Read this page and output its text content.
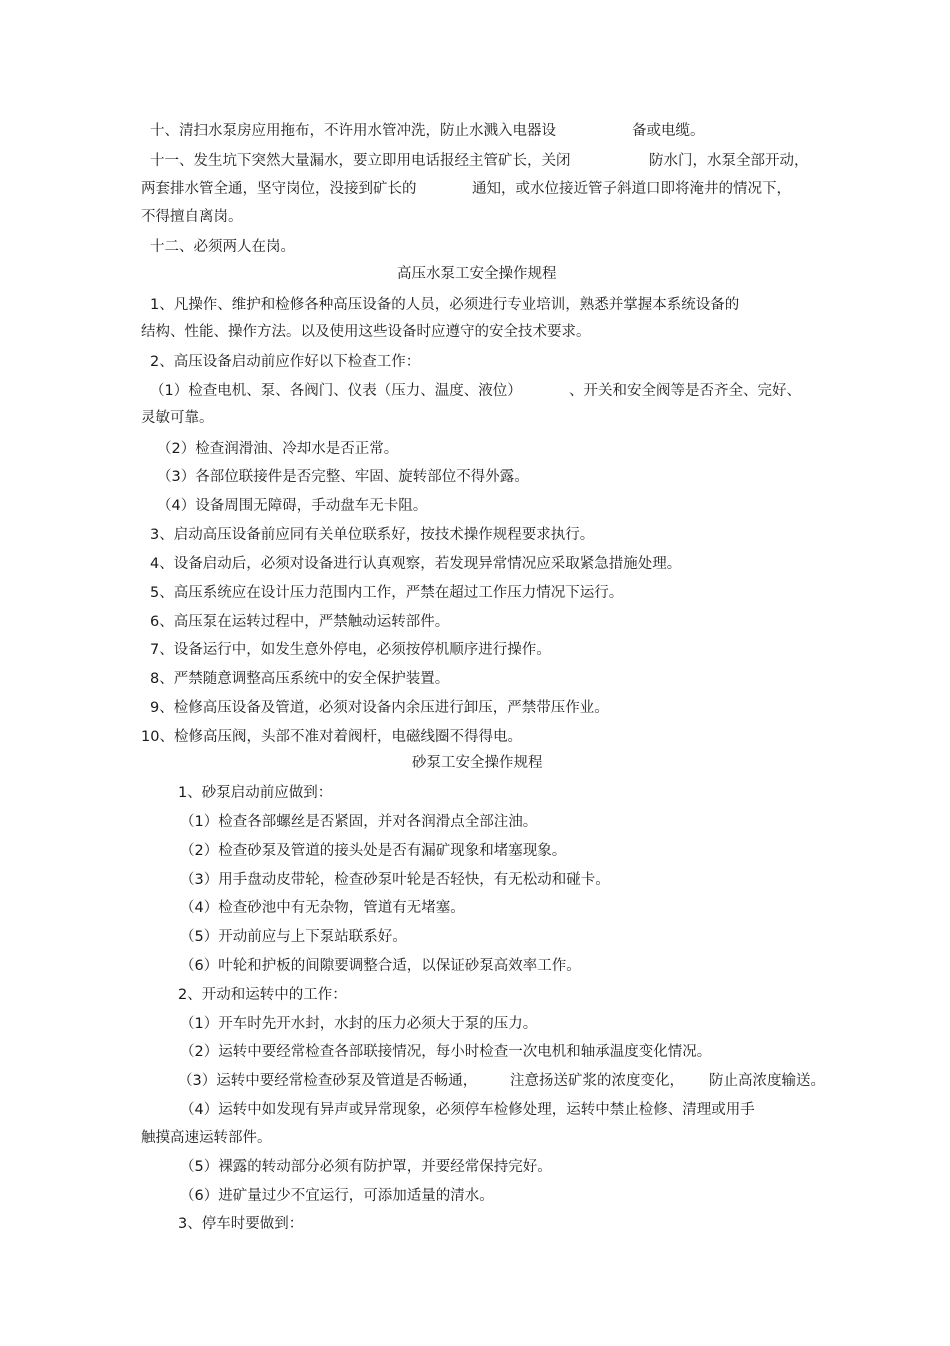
十、清扫水泵房应用拖布，不许用水管冲洗，防止水溅入电器设	备或电缆。
十一、发生坑下突然大量漏水，要立即用电话报经主管矿长，关闭	防水门，水泵全部开动，
两套排水管全通，坚守岗位，没接到矿长的	通知，或水位接近管子斜道口即将淹井的情况下，
不得擅自离岗。
十二、必须两人在岗。
高压水泵工安全操作规程
1、凡操作、维护和检修各种高压设备的人员，必须进行专业培训，熟悉并掌握本系统设备的
结构、性能、操作方法。以及使用这些设备时应遵守的安全技术要求。
2、高压设备启动前应作好以下检查工作：
（1）检查电机、泵、各阀门、仪表（压力、温度、液位）	、开关和安全阀等是否齐全、完好、
灵敏可靠。
（2）检查润滑油、冷却水是否正常。
（3）各部位联接件是否完整、牢固、旋转部位不得外露。
（4）设备周围无障碍，手动盘车无卡阻。
3、启动高压设备前应同有关单位联系好，按技术操作规程要求执行。
4、设备启动后，必须对设备进行认真观察，若发现异常情况应采取紧急措施处理。
5、高压系统应在设计压力范围内工作，严禁在超过工作压力情况下运行。
6、高压泵在运转过程中，严禁触动运转部件。
7、设备运行中，如发生意外停电，必须按停机顺序进行操作。
8、严禁随意调整高压系统中的安全保护装置。
9、检修高压设备及管道，必须对设备内余压进行卸压，严禁带压作业。
10、检修高压阀，头部不准对着阀杆，电磁线圈不得得电。
砂泵工安全操作规程
1、砂泵启动前应做到：
（1）检查各部螺丝是否紧固，并对各润滑点全部注油。
（2）检查砂泵及管道的接头处是否有漏矿现象和堵塞现象。
（3）用手盘动皮带轮，检查砂泵叶轮是否轻快，有无松动和碰卡。
（4）检查砂池中有无杂物，管道有无堵塞。
（5）开动前应与上下泵站联系好。
（6）叶轮和护板的间隙要调整合适，以保证砂泵高效率工作。
2、开动和运转中的工作：
（1）开车时先开水封，水封的压力必须大于泵的压力。
（2）运转中要经常检查各部联接情况，每小时检查一次电机和轴承温度变化情况。
（3）运转中要经常检查砂泵及管道是否畅通， 注意扬送矿浆的浓度变化， 防止高浓度输送。
（4）运转中如发现有异声或异常现象，必须停车检修处理，运转中禁止检修、清理或用手
触摸高速运转部件。
（5）裸露的转动部分必须有防护罩，并要经常保持完好。
（6）进矿量过少不宜运行，可添加适量的清水。
3、停车时要做到：
